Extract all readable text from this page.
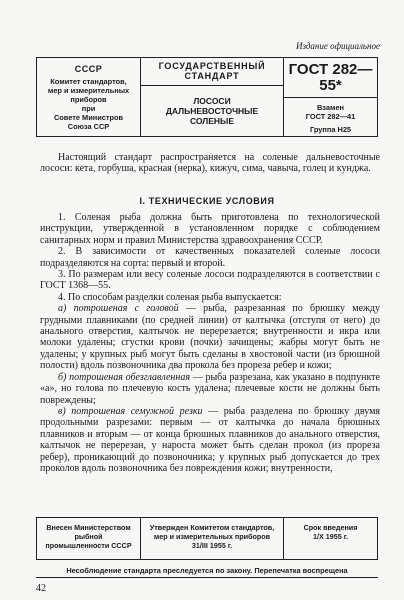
Издание официальное
СССР
Комитет стандартов,
мер и измерительных
приборов
при
Совете Министров
Союза ССР
ГОСУДАРСТВЕННЫЙ СТАНДАРТ
ЛОСОСИ
ДАЛЬНЕВОСТОЧНЫЕ
СОЛЕНЫЕ
ГОСТ 282—55*
Взамен
ГОСТ 282—41
Группа Н25
Настоящий стандарт распространяется на соленые дальневосточные лососи: кета, горбуша, красная (нерка), кижуч, сима, чавыча, голец и кунджа.
I. ТЕХНИЧЕСКИЕ УСЛОВИЯ

1. Соленая рыба должна быть приготовлена по технологической инструкции, утвержденной в установленном порядке с соблюдением санитарных норм и правил Министерства здравоохранения СССР.

2. В зависимости от качественных показателей соленые лососи подразделяются на сорта: первый и второй.

3. По размерам или весу соленые лососи подразделяются в соответствии с ГОСТ 1368—55.

4. По способам разделки соленая рыба выпускается:

а) потрошеная с головой — рыба, разрезанная по брюшку между грудными плавниками (по средней линии) от калтычка (отступя от него) до анального отверстия, калтычок не перерезается; внутренности и икра или молоки удалены; сгустки крови (почки) зачищены; жабры могут быть не удалены; у крупных рыб могут быть сделаны в хвостовой части (из брюшной полости) вдоль позвоночника два прокола без прореза ребер и кожи;

б) потрошеная обезглавленная — рыба разрезана, как указано в подпункте «а», но голова по плечевую кость удалена; плечевые кости не должны быть повреждены;

в) потрошеная семужной резки — рыба разделена по брюшку двумя продольными разрезами: первым — от калтычка до начала брюшных плавников и вторым — от конца брюшных плавников до анального отверстия, калтычок не перерезан, у нароста может быть сделан прокол (из прореза ребер), проникающий до позвоночника; у крупных рыб допускается до трех проколов вдоль позвоночника без повреждения кожи; внутренности,

Внесен Министерством
рыбной
промышленности СССР
Утвержден Комитетом стандартов,
мер и измерительных приборов
31/III 1955 г.
Срок введения
1/X 1955 г.
Несоблюдение стандарта преследуется по закону. Перепечатка воспрещена
42
